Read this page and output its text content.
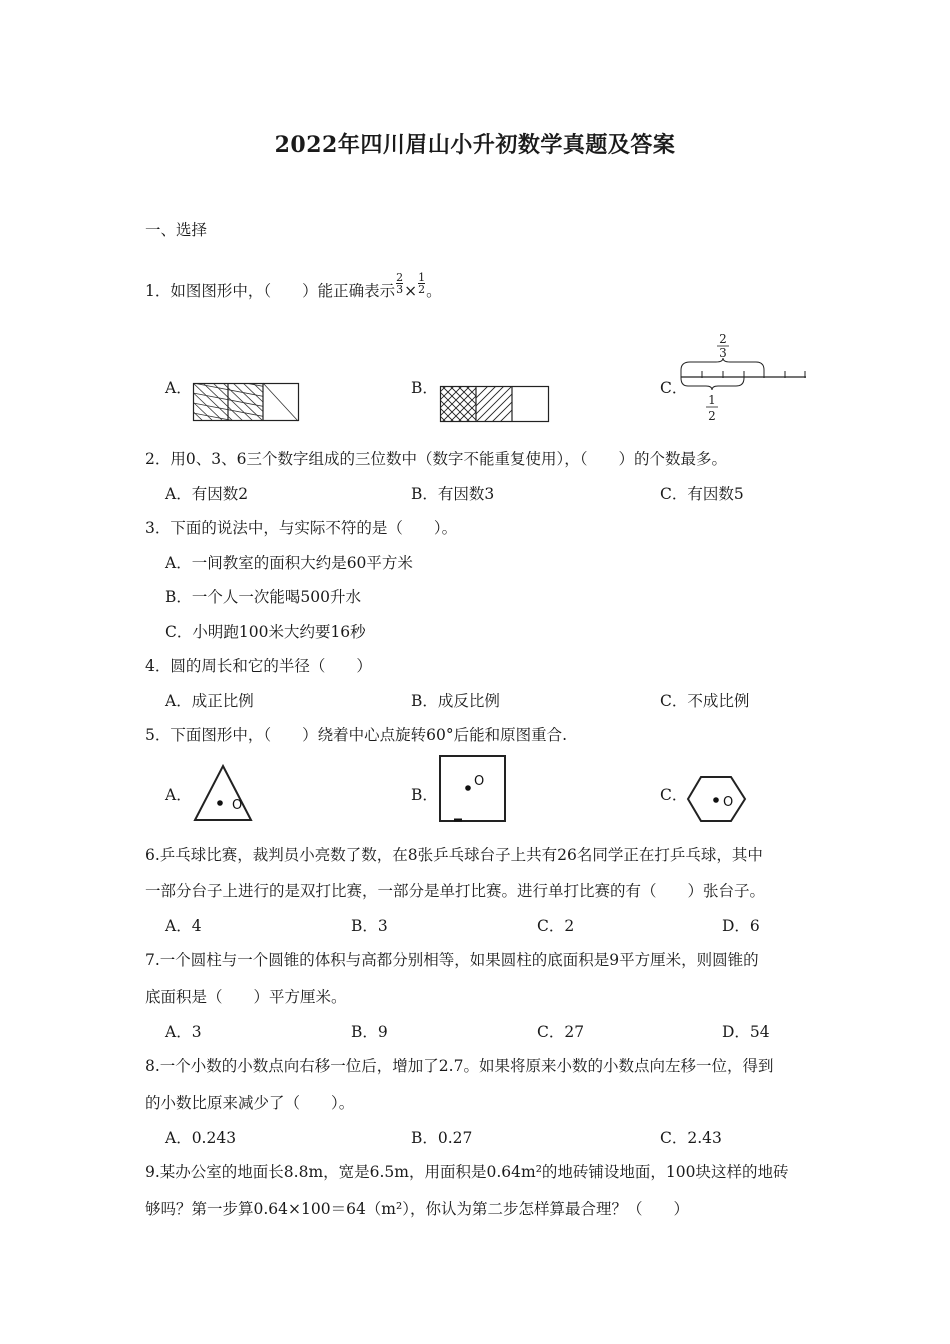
2022年四川眉山小升初数学真题及答案
一、选择
1．如图图形中，（　　）能正确表示 $\frac{2}{3} \times \frac{1}{2}$ 。
A．	B．	C．
2
3
1
2
2．用0、3、6三个数字组成的三位数中（数字不能重复使用），（　　）的个数最多。
A．有因数2	B．有因数3	C．有因数5
3．下面的说法中，与实际不符的是（　　）。
A．一间教室的面积大约是60平方米
B．一个人一次能喝500升水
C．小明跑100米大约要16秒
4．圆的周长和它的半径（　　）
A．成正比例	B．成反比例	C．不成比例
5．下面图形中，（　　）绕着中心点旋转60°后能和原图重合.
A．
O
B．
O
C．	O
6.乒乓球比赛，裁判员小亮数了数，在8张乒乓球台子上共有26名同学正在打乒乓球，其中
一部分台子上进行的是双打比赛，一部分是单打比赛。进行单打比赛的有（　　）张台子。
A．4	B．3	C．2	D．6
7.一个圆柱与一个圆锥的体积与高都分别相等，如果圆柱的底面积是9平方厘米，则圆锥的
底面积是（　　）平方厘米。
A．3	B．9	C．27	D．54
8.一个小数的小数点向右移一位后，增加了2.7。如果将原来小数的小数点向左移一位，得到
的小数比原来减少了（　　）。
A．0.243	B．0.27	C．2.43
9.某办公室的地面长8.8m，宽是6.5m，用面积是0.64m²的地砖铺设地面，100块这样的地砖
够吗？第一步算0.64×100＝64（m²），你认为第二步怎样算最合理？（　　）
